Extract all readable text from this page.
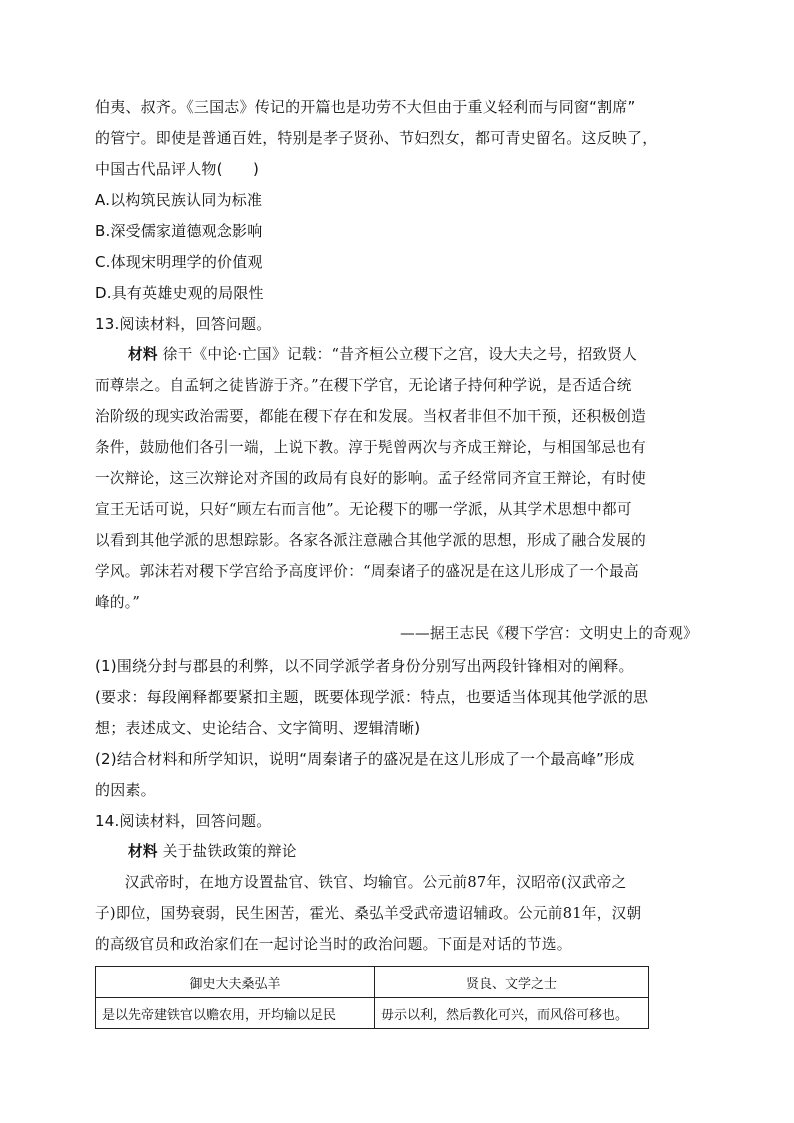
伯夷、叔齐。《三国志》传记的开篇也是功劳不大但由于重义轻利而与同窗“割席”
的管宁。即使是普通百姓，特别是孝子贤孙、节妇烈女，都可青史留名。这反映了，
中国古代品评人物(　　)
A.以构筑民族认同为标准
B.深受儒家道德观念影响
C.体现宋明理学的价值观
D.具有英雄史观的局限性
13.阅读材料，回答问题。
材料 徐干《中论·亡国》记载：“昔齐桓公立稷下之宫，设大夫之号，招致贤人
而尊崇之。自孟轲之徒皆游于齐。”在稷下学官，无论诸子持何种学说，是否适合统
治阶级的现实政治需要，都能在稷下存在和发展。当权者非但不加干预，还积极创造
条件，鼓励他们各引一端，上说下教。淳于髡曾两次与齐成王辩论，与相国邹忌也有
一次辩论，这三次辩论对齐国的政局有良好的影响。孟子经常同齐宣王辩论，有时使
宣王无话可说，只好“顾左右而言他”。无论稷下的哪一学派，从其学术思想中都可
以看到其他学派的思想踪影。各家各派注意融合其他学派的思想，形成了融合发展的
学风。郭沫若对稷下学宫给予高度评价：“周秦诸子的盛况是在这儿形成了一个最高
峰的。”
——据王志民《稷下学宫：文明史上的奇观》
(1)围绕分封与郡县的利弊，以不同学派学者身份分别写出两段针锋相对的阐释。
(要求：每段阐释都要紧扣主题，既要体现学派：特点，也要适当体现其他学派的思
想；表述成文、史论结合、文字简明、逻辑清晰)
(2)结合材料和所学知识，说明“周秦诸子的盛况是在这儿形成了一个最高峰”形成
的因素。
14.阅读材料，回答问题。
材料 关于盐铁政策的辩论
　　汉武帝时，在地方设置盐官、铁官、均输官。公元前87年，汉昭帝(汉武帝之
子)即位，国势衰弱，民生困苦，霍光、桑弘羊受武帝遗诏辅政。公元前81年，汉朝
的高级官员和政治家们在一起讨论当时的政治问题。下面是对话的节选。
御史大夫桑弘羊	贤良、文学之士
是以先帝建铁官以赡农用，开均输以足民	毋示以利，然后教化可兴，而风俗可移也。
